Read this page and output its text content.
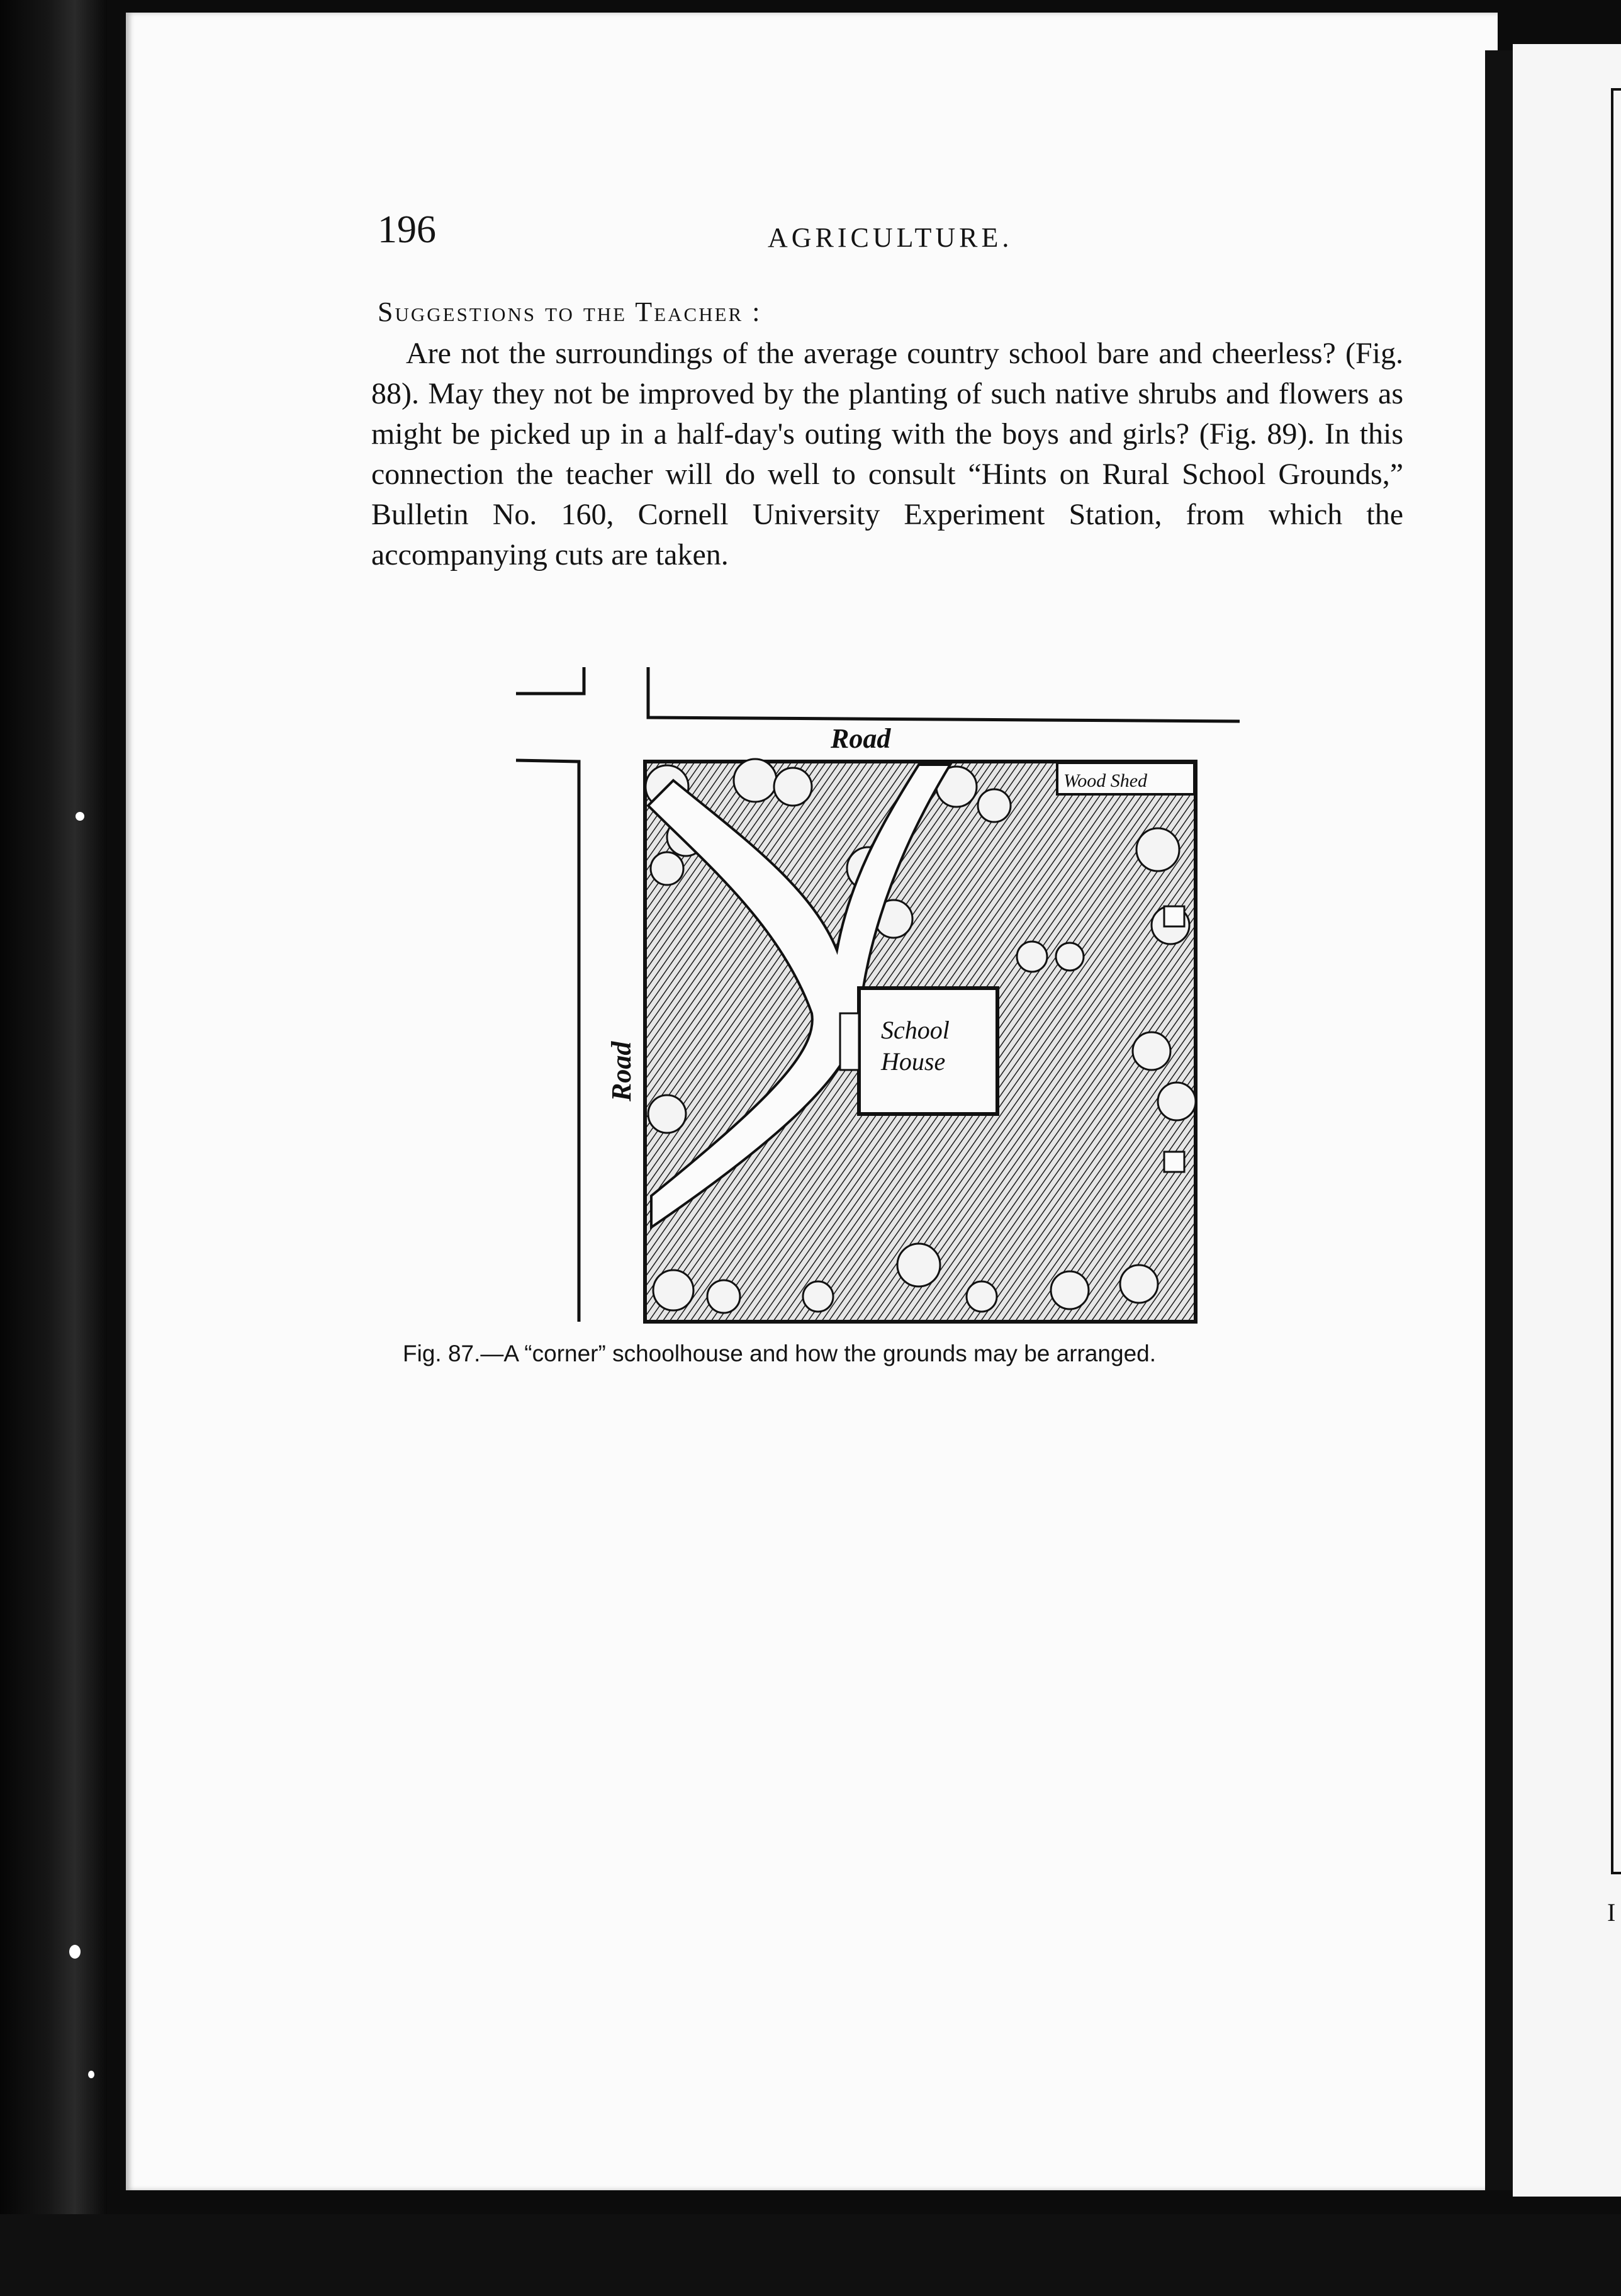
I
196	AGRICULTURE.
Suggestions to the Teacher :

Are not the surroundings of the average country school bare and cheerless? (Fig. 88). May they not be improved by the planting of such native shrubs and flowers as might be picked up in a half-day's outing with the boys and girls? (Fig. 89). In this connection the teacher will do well to consult “Hints on Rural School Grounds,” Bulletin No. 160, Cornell University Experiment Station, from which the accompanying cuts are taken.

Road
Road
Wood Shed
School
House
Fig. 87.—A “corner” schoolhouse and how the grounds may be arranged.
